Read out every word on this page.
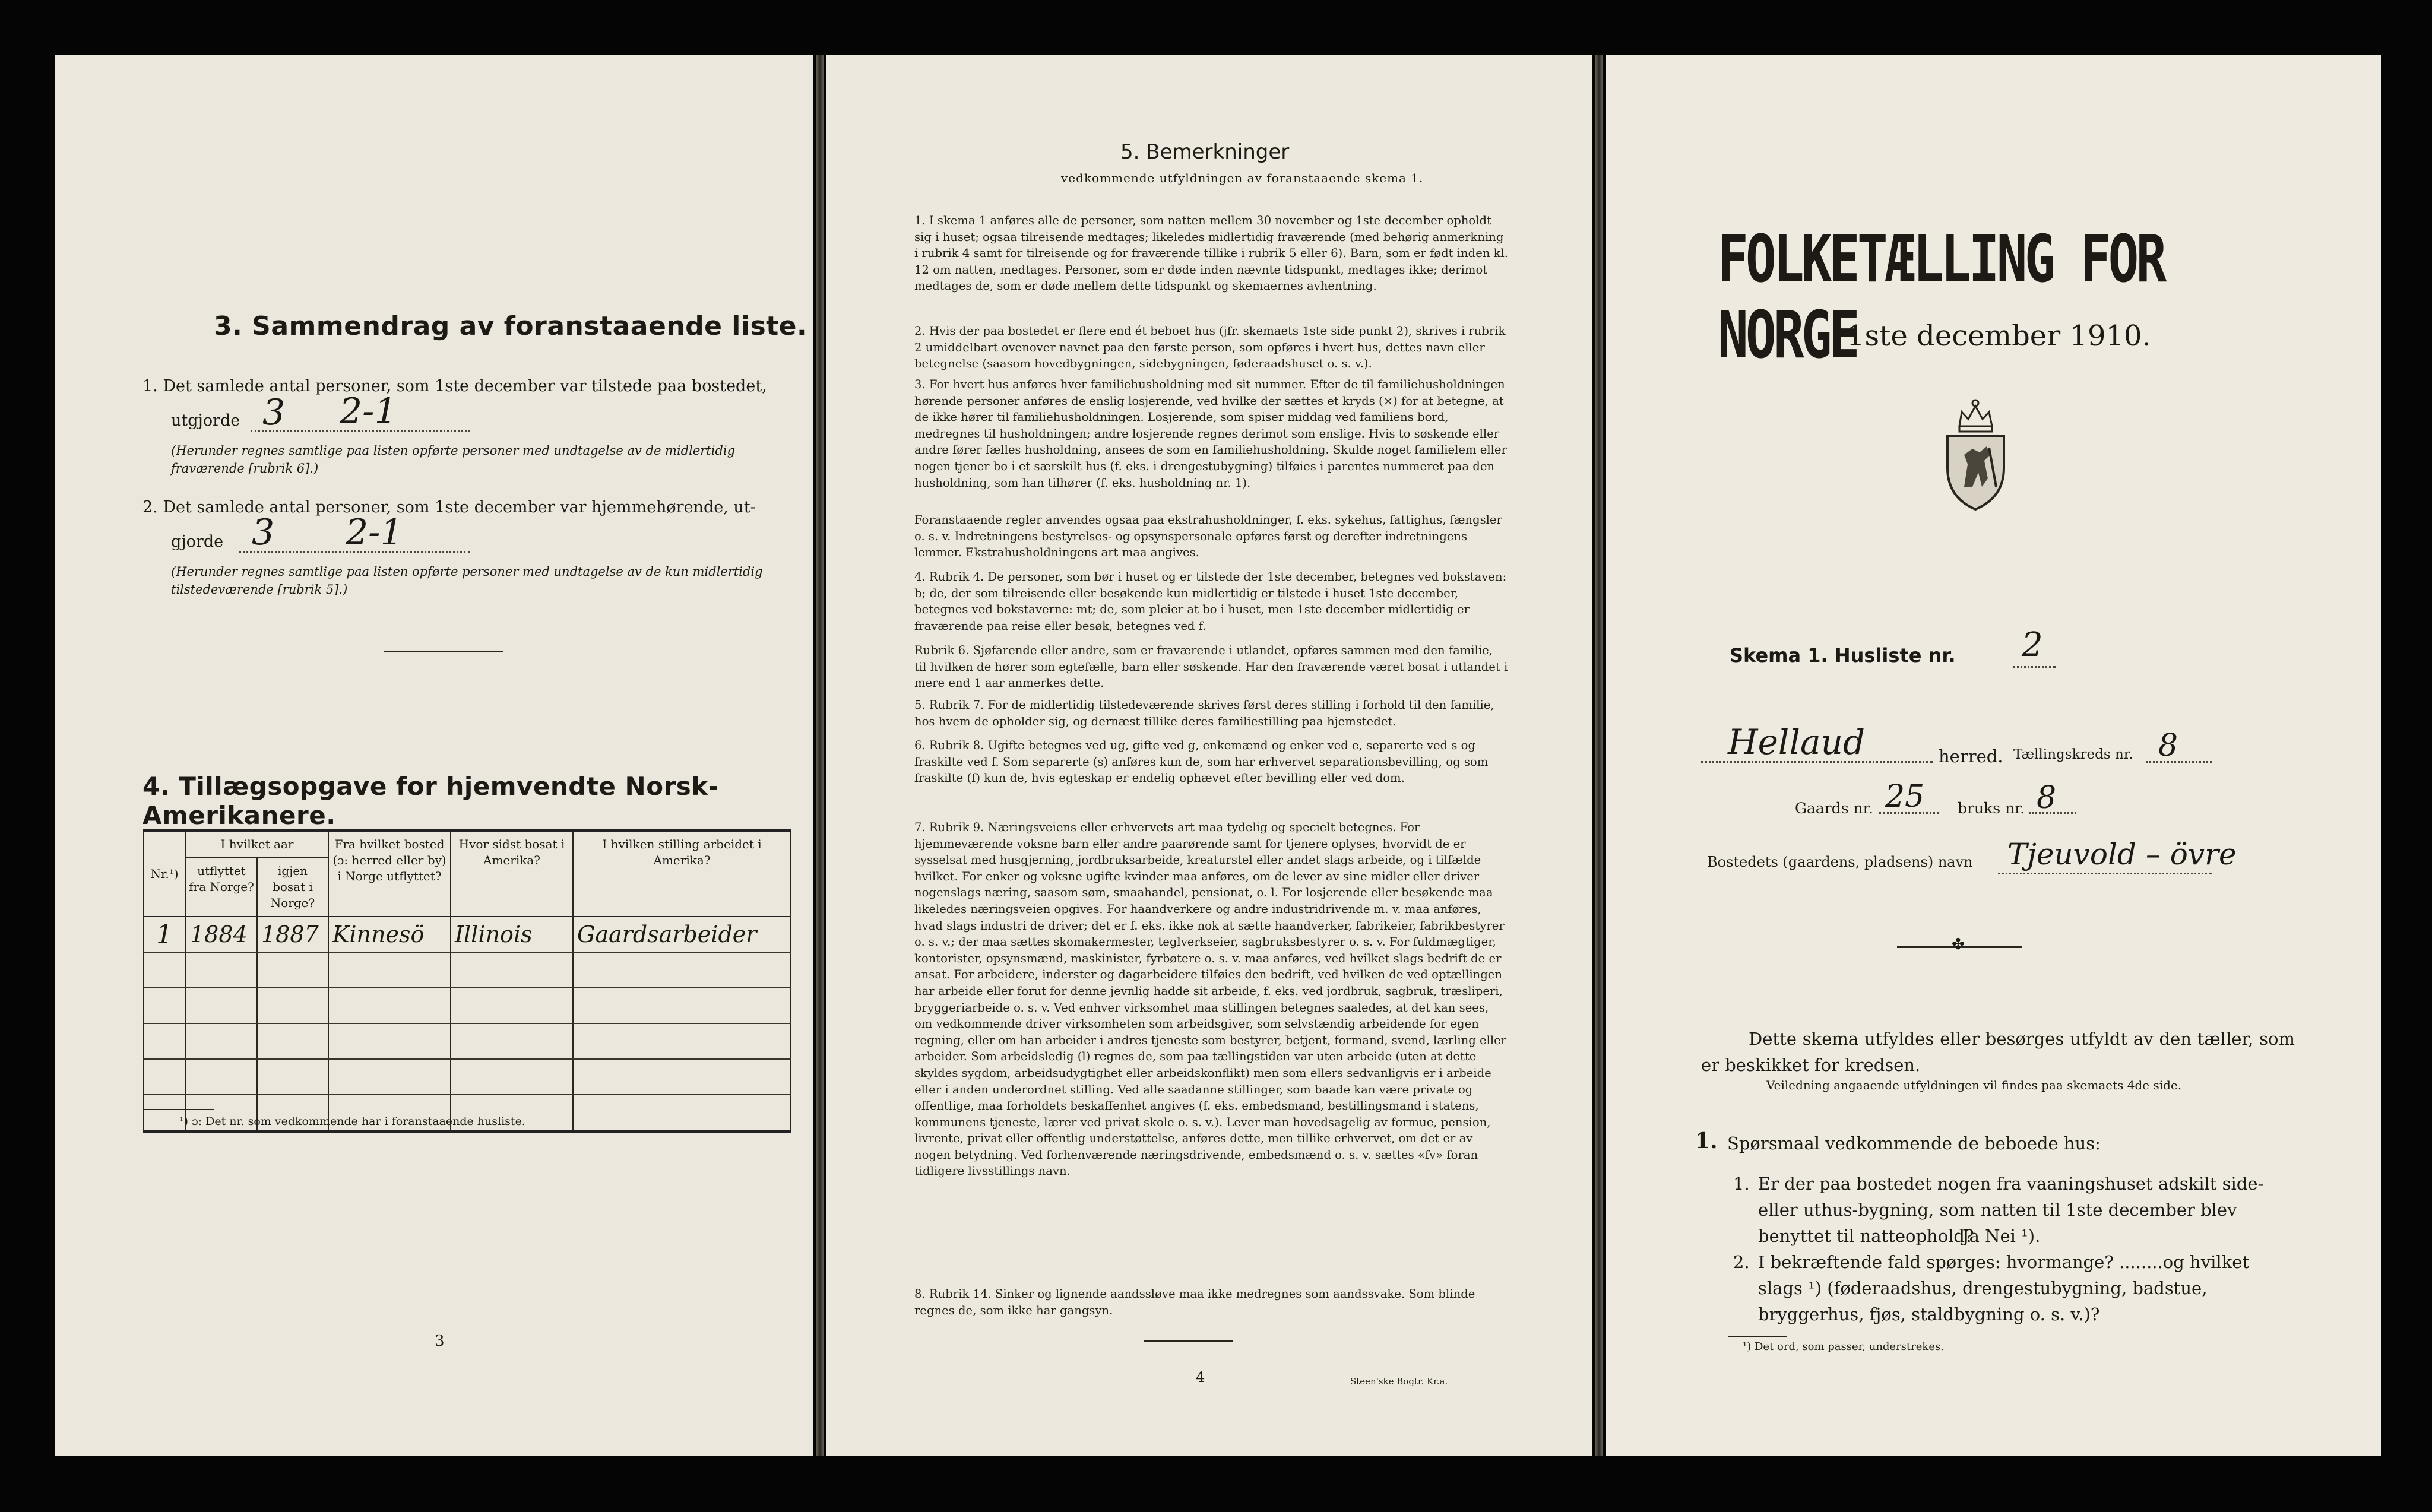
3. Sammendrag av foranstaaende liste.
1. Det samlede antal personer, som 1ste december var tilstede paa bostedet,
utgjorde 3 2-1
(Herunder regnes samtlige paa listen opførte personer med undtagelse av de midlertidig fraværende [rubrik 6].)
2. Det samlede antal personer, som 1ste december var hjemmehørende, ut-
gjorde 3 2-1
(Herunder regnes samtlige paa listen opførte personer med undtagelse av de kun midlertidig tilstedeværende [rubrik 5].)
4. Tillægsopgave for hjemvendte Norsk-Amerikanere.
Nr.¹)	I hvilket aar		Fra hvilket bosted (ɔ: herred eller by) i Norge utflyttet?	Hvor sidst bosat i Amerika?	I hvilken stilling arbeidet i Amerika?
	utflyttet fra Norge?	igjen bosat i Norge?			
1	1884	1887	Kinnesö	Illinois	Gaardsarbeider

¹) ɔ: Det nr. som vedkommende har i foranstaaende husliste.
3
5. Bemerkninger
vedkommende utfyldningen av foranstaaende skema 1.
1. I skema 1 anføres alle de personer, som natten mellem 30 november og 1ste december opholdt sig i huset; ogsaa tilreisende medtages; likeledes midlertidig fraværende (med behørig anmerkning i rubrik 4 samt for tilreisende og for fraværende tillike i rubrik 5 eller 6). Barn, som er født inden kl. 12 om natten, medtages. Personer, som er døde inden nævnte tidspunkt, medtages ikke; derimot medtages de, som er døde mellem dette tidspunkt og skemaernes avhentning.
2. Hvis der paa bostedet er flere end ét beboet hus (jfr. skemaets 1ste side punkt 2), skrives i rubrik 2 umiddelbart ovenover navnet paa den første person, som opføres i hvert hus, dettes navn eller betegnelse (saasom hovedbygningen, sidebygningen, føderaadshuset o. s. v.).
3. For hvert hus anføres hver familiehusholdning med sit nummer. Efter de til familiehusholdningen hørende personer anføres de enslig losjerende, ved hvilke der sættes et kryds (×) for at betegne, at de ikke hører til familiehusholdningen. Losjerende, som spiser middag ved familiens bord, medregnes til husholdningen; andre losjerende regnes derimot som enslige. Hvis to søskende eller andre fører fælles husholdning, ansees de som en familiehusholdning. Skulde noget familielem eller nogen tjener bo i et særskilt hus (f. eks. i drengestubygning) tilføies i parentes nummeret paa den husholdning, som han tilhører (f. eks. husholdning nr. 1).
Foranstaaende regler anvendes ogsaa paa ekstrahusholdninger, f. eks. sykehus, fattighus, fængsler o. s. v. Indretningens bestyrelses- og opsynspersonale opføres først og derefter indretningens lemmer. Ekstrahusholdningens art maa angives.
4. Rubrik 4. De personer, som bør i huset og er tilstede der 1ste december, betegnes ved bokstaven: b; de, der som tilreisende eller besøkende kun midlertidig er tilstede i huset 1ste december, betegnes ved bokstaverne: mt; de, som pleier at bo i huset, men 1ste december midlertidig er fraværende paa reise eller besøk, betegnes ved f.
Rubrik 6. Sjøfarende eller andre, som er fraværende i utlandet, opføres sammen med den familie, til hvilken de hører som egtefælle, barn eller søskende. Har den fraværende været bosat i utlandet i mere end 1 aar anmerkes dette.
5. Rubrik 7. For de midlertidig tilstedeværende skrives først deres stilling i forhold til den familie, hos hvem de opholder sig, og dernæst tillike deres familiestilling paa hjemstedet.
6. Rubrik 8. Ugifte betegnes ved ug, gifte ved g, enkemænd og enker ved e, separerte ved s og fraskilte ved f. Som separerte (s) anføres kun de, som har erhvervet separationsbevilling, og som fraskilte (f) kun de, hvis egteskap er endelig ophævet efter bevilling eller ved dom.
7. Rubrik 9. Næringsveiens eller erhvervets art maa tydelig og specielt betegnes. For hjemmeværende voksne barn eller andre paarørende samt for tjenere oplyses, hvorvidt de er sysselsat med husgjerning, jordbruksarbeide, kreaturstel eller andet slags arbeide, og i tilfælde hvilket. For enker og voksne ugifte kvinder maa anføres, om de lever av sine midler eller driver nogenslags næring, saasom søm, smaahandel, pensionat, o. l. For losjerende eller besøkende maa likeledes næringsveien opgives. For haandverkere og andre industridrivende m. v. maa anføres, hvad slags industri de driver; det er f. eks. ikke nok at sætte haandverker, fabrikeier, fabrikbestyrer o. s. v.; der maa sættes skomakermester, teglverkseier, sagbruksbestyrer o. s. v. For fuldmægtiger, kontorister, opsynsmænd, maskinister, fyrbøtere o. s. v. maa anføres, ved hvilket slags bedrift de er ansat. For arbeidere, inderster og dagarbeidere tilføies den bedrift, ved hvilken de ved optællingen har arbeide eller forut for denne jevnlig hadde sit arbeide, f. eks. ved jordbruk, sagbruk, træsliperi, bryggeriarbeide o. s. v. Ved enhver virksomhet maa stillingen betegnes saaledes, at det kan sees, om vedkommende driver virksomheten som arbeidsgiver, som selvstændig arbeidende for egen regning, eller om han arbeider i andres tjeneste som bestyrer, betjent, formand, svend, lærling eller arbeider. Som arbeidsledig (l) regnes de, som paa tællingstiden var uten arbeide (uten at dette skyldes sygdom, arbeidsudygtighet eller arbeidskonflikt) men som ellers sedvanligvis er i arbeide eller i anden underordnet stilling. Ved alle saadanne stillinger, som baade kan være private og offentlige, maa forholdets beskaffenhet angives (f. eks. embedsmand, bestillingsmand i statens, kommunens tjeneste, lærer ved privat skole o. s. v.). Lever man hovedsagelig av formue, pension, livrente, privat eller offentlig understøttelse, anføres dette, men tillike erhvervet, om det er av nogen betydning. Ved forhenværende næringsdrivende, embedsmænd o. s. v. sættes «fv» foran tidligere livsstillings navn.
8. Rubrik 14. Sinker og lignende aandssløve maa ikke medregnes som aandssvake. Som blinde regnes de, som ikke har gangsyn.
4	Steen'ske Bogtr. Kr.a.
FOLKETÆLLING FOR NORGE
1ste december 1910.
Skema 1. Husliste nr. 2
Hellaud	herred. Tællingskreds nr. 8
Gaards nr. 25 bruks nr. 8
Bostedets (gaardens, pladsens) navn Tjeuvold – övre
✤
Dette skema utfyldes eller besørges utfyldt av den tæller, som er beskikket for kredsen.
Veiledning angaaende utfyldningen vil findes paa skemaets 4de side.
1. Spørsmaal vedkommende de beboede hus:
1. Er der paa bostedet nogen fra vaaningshuset adskilt side- eller uthus-bygning, som natten til 1ste december blev benyttet til natteophold?
Ja Nei ¹).
2. I bekræftende fald spørges: hvormange? ........og hvilket slags ¹) (føderaadshus, drengestubygning, badstue, bryggerhus, fjøs, staldbygning o. s. v.)?
¹) Det ord, som passer, understrekes.
